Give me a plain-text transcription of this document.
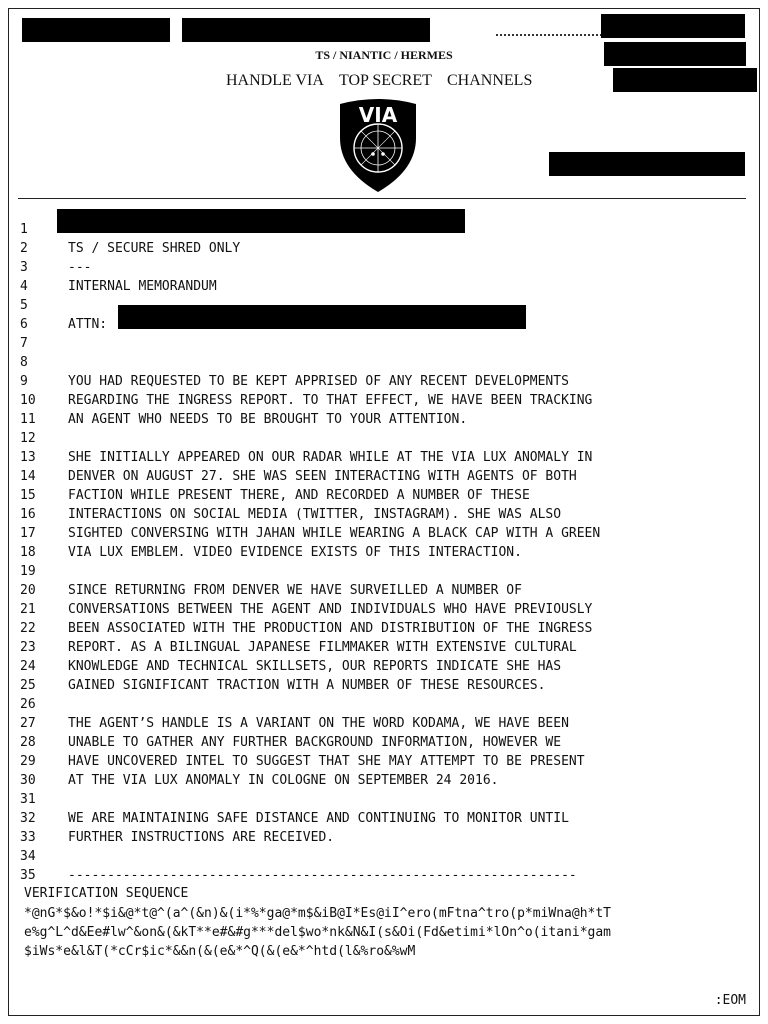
TS / NIANTIC / HERMES
HANDLE VIA TOP SECRET CHANNELS
VIA
1
2	TS / SECURE SHRED ONLY
3	---
4	INTERNAL MEMORANDUM
5
6	ATTN:
7
8
9	YOU HAD REQUESTED TO BE KEPT APPRISED OF ANY RECENT DEVELOPMENTS
10	REGARDING THE INGRESS REPORT. TO THAT EFFECT, WE HAVE BEEN TRACKING
11	AN AGENT WHO NEEDS TO BE BROUGHT TO YOUR ATTENTION.
12
13	SHE INITIALLY APPEARED ON OUR RADAR WHILE AT THE VIA LUX ANOMALY IN
14	DENVER ON AUGUST 27. SHE WAS SEEN INTERACTING WITH AGENTS OF BOTH
15	FACTION WHILE PRESENT THERE, AND RECORDED A NUMBER OF THESE
16	INTERACTIONS ON SOCIAL MEDIA (TWITTER, INSTAGRAM). SHE WAS ALSO
17	SIGHTED CONVERSING WITH JAHAN WHILE WEARING A BLACK CAP WITH A GREEN
18	VIA LUX EMBLEM. VIDEO EVIDENCE EXISTS OF THIS INTERACTION.
19
20	SINCE RETURNING FROM DENVER WE HAVE SURVEILLED A NUMBER OF
21	CONVERSATIONS BETWEEN THE AGENT AND INDIVIDUALS WHO HAVE PREVIOUSLY
22	BEEN ASSOCIATED WITH THE PRODUCTION AND DISTRIBUTION OF THE INGRESS
23	REPORT. AS A BILINGUAL JAPANESE FILMMAKER WITH EXTENSIVE CULTURAL
24	KNOWLEDGE AND TECHNICAL SKILLSETS, OUR REPORTS INDICATE SHE HAS
25	GAINED SIGNIFICANT TRACTION WITH A NUMBER OF THESE RESOURCES.
26
27	THE AGENT’S HANDLE IS A VARIANT ON THE WORD KODAMA, WE HAVE BEEN
28	UNABLE TO GATHER ANY FURTHER BACKGROUND INFORMATION, HOWEVER WE
29	HAVE UNCOVERED INTEL TO SUGGEST THAT SHE MAY ATTEMPT TO BE PRESENT
30	AT THE VIA LUX ANOMALY IN COLOGNE ON SEPTEMBER 24 2016.
31
32	WE ARE MAINTAINING SAFE DISTANCE AND CONTINUING TO MONITOR UNTIL
33	FURTHER INSTRUCTIONS ARE RECEIVED.
34
35	-----------------------------------------------------------------
VERIFICATION SEQUENCE
*@nG*$&o!*$i&@*t@^(a^(&n)&(i*%*ga@*m$&iB@I*Es@iI^ero(mFtna^tro(p*miWna@h*tT
e%g^L^d&Ee#lw^&on&(&kT**e#&#g***del$wo*nk&N&I(s&Oi(Fd&etimi*lOn^o(itani*gam
$iWs*e&l&T(*cCr$ic*&&n(&(e&*^Q(&(e&*^htd(l&%ro&%wM
:EOM
